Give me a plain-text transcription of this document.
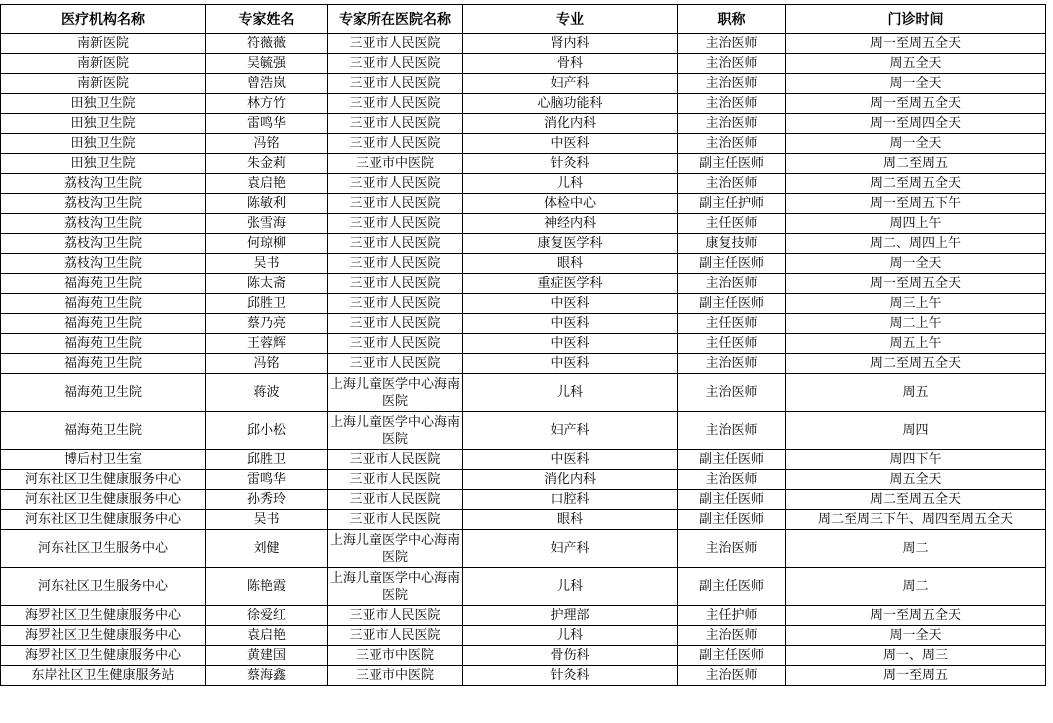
医疗机构名称	专家姓名	专家所在医院名称	专业	职称	门诊时间
南新医院	符薇薇	三亚市人民医院	肾内科	主治医师	周一至周五全天
南新医院	吴毓强	三亚市人民医院	骨科	主治医师	周五全天
南新医院	曾浩岚	三亚市人民医院	妇产科	主治医师	周一全天
田独卫生院	林方竹	三亚市人民医院	心脑功能科	主治医师	周一至周五全天
田独卫生院	雷鸣华	三亚市人民医院	消化内科	主治医师	周一至周四全天
田独卫生院	冯铭	三亚市人民医院	中医科	主治医师	周一全天
田独卫生院	朱金莉	三亚市中医院	针灸科	副主任医师	周二至周五
荔枝沟卫生院	袁启艳	三亚市人民医院	儿科	主治医师	周二至周五全天
荔枝沟卫生院	陈敏利	三亚市人民医院	体检中心	副主任护师	周一至周五下午
荔枝沟卫生院	张雪海	三亚市人民医院	神经内科	主任医师	周四上午
荔枝沟卫生院	何琼柳	三亚市人民医院	康复医学科	康复技师	周二、周四上午
荔枝沟卫生院	吴书	三亚市人民医院	眼科	副主任医师	周一全天
福海苑卫生院	陈太斋	三亚市人民医院	重症医学科	主治医师	周一至周五全天
福海苑卫生院	邱胜卫	三亚市人民医院	中医科	副主任医师	周三上午
福海苑卫生院	蔡乃亮	三亚市人民医院	中医科	主任医师	周二上午
福海苑卫生院	王蓉辉	三亚市人民医院	中医科	主任医师	周五上午
福海苑卫生院	冯铭	三亚市人民医院	中医科	主治医师	周二至周五全天
福海苑卫生院	蒋波	上海儿童医学中心海南医院	儿科	主治医师	周五
福海苑卫生院	邱小松	上海儿童医学中心海南医院	妇产科	主治医师	周四
博后村卫生室	邱胜卫	三亚市人民医院	中医科	副主任医师	周四下午
河东社区卫生健康服务中心	雷鸣华	三亚市人民医院	消化内科	主治医师	周五全天
河东社区卫生健康服务中心	孙秀玲	三亚市人民医院	口腔科	副主任医师	周二至周五全天
河东社区卫生健康服务中心	吴书	三亚市人民医院	眼科	副主任医师	周二至周三下午、周四至周五全天
河东社区卫生服务中心	刘健	上海儿童医学中心海南医院	妇产科	主治医师	周二
河东社区卫生服务中心	陈艳霞	上海儿童医学中心海南医院	儿科	副主任医师	周二
海罗社区卫生健康服务中心	徐爱红	三亚市人民医院	护理部	主任护师	周一至周五全天
海罗社区卫生健康服务中心	袁启艳	三亚市人民医院	儿科	主治医师	周一全天
海罗社区卫生健康服务中心	黄建国	三亚市中医院	骨伤科	副主任医师	周一、周三
东岸社区卫生健康服务站	蔡海鑫	三亚市中医院	针灸科	主治医师	周一至周五
